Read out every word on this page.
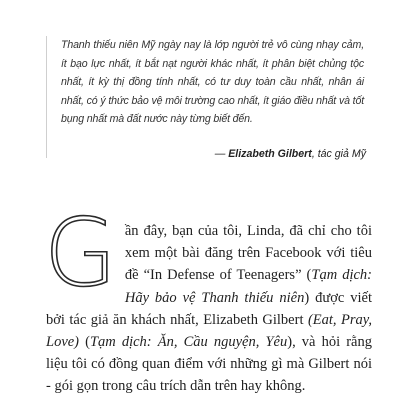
Thanh thiếu niên Mỹ ngày nay là lớp người trẻ vô cùng nhạy cảm, ít bạo lực nhất, ít bắt nạt người khác nhất, ít phân biệt chủng tộc nhất, ít kỳ thị đồng tính nhất, có tư duy toàn cầu nhất, nhân ái nhất, có ý thức bảo vệ môi trường cao nhất, ít giáo điều nhất và tốt bụng nhất mà đất nước này từng biết đến.

— Elizabeth Gilbert, tác giả Mỹ

Gần đây, bạn của tôi, Linda, đã chỉ cho tôi xem một bài đăng trên Facebook với tiêu đề “In Defense of Teenagers” (Tạm dịch: Hãy bảo vệ Thanh thiếu niên) được viết bởi tác giả ăn khách nhất, Elizabeth Gilbert (Eat, Pray, Love) (Tạm dịch: Ăn, Cầu nguyện, Yêu), và hỏi rằng liệu tôi có đồng quan điểm với những gì mà Gilbert nói - gói gọn trong câu trích dẫn trên hay không.
